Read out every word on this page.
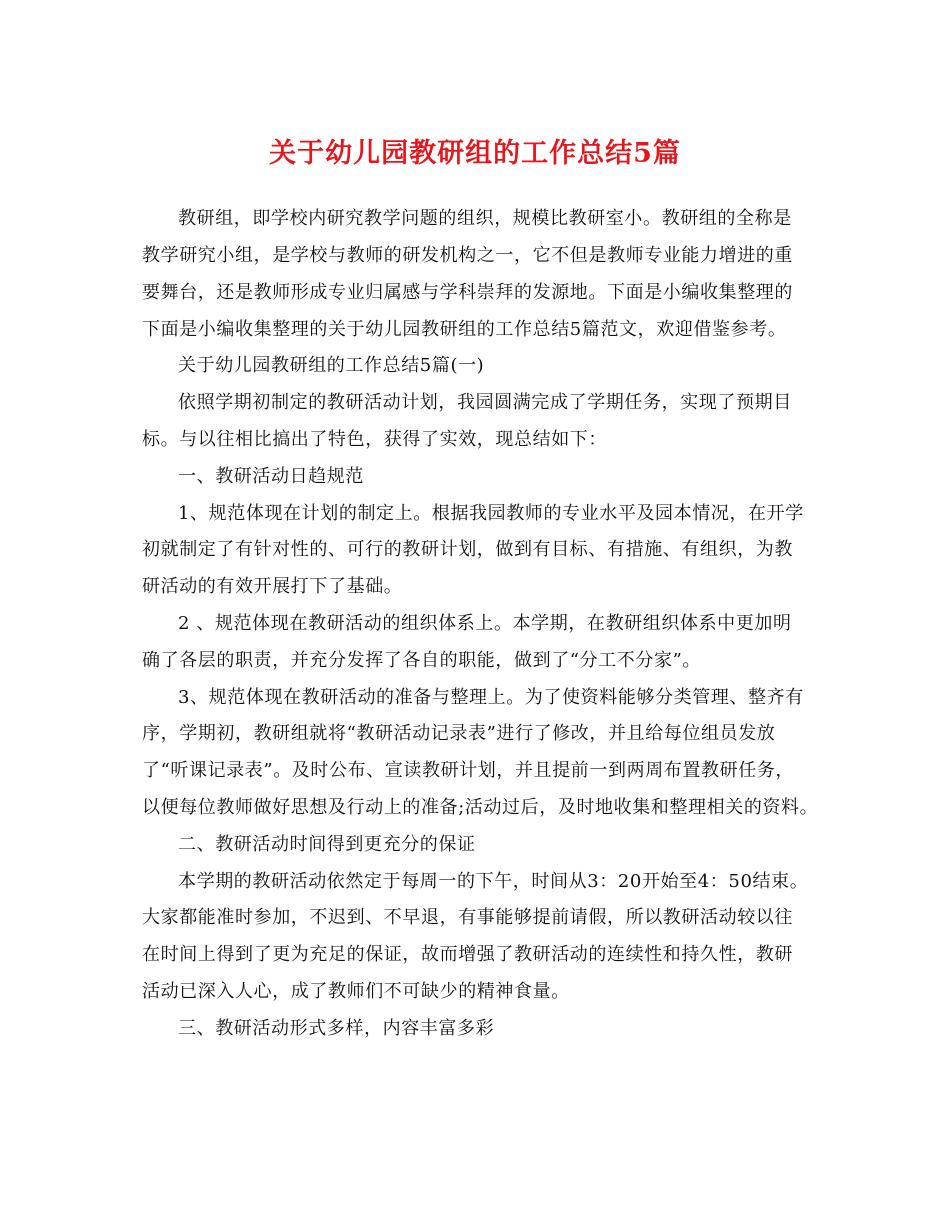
关于幼儿园教研组的工作总结5篇
教研组，即学校内研究教学问题的组织，规模比教研室小。教研组的全称是
教学研究小组，是学校与教师的研发机构之一，它不但是教师专业能力增进的重
要舞台，还是教师形成专业归属感与学科崇拜的发源地。下面是小编收集整理的
下面是小编收集整理的关于幼儿园教研组的工作总结5篇范文，欢迎借鉴参考。
关于幼儿园教研组的工作总结5篇(一)
依照学期初制定的教研活动计划，我园圆满完成了学期任务，实现了预期目
标。与以往相比搞出了特色，获得了实效，现总结如下：
一、教研活动日趋规范
1、规范体现在计划的制定上。根据我园教师的专业水平及园本情况，在开学
初就制定了有针对性的、可行的教研计划，做到有目标、有措施、有组织，为教
研活动的有效开展打下了基础。
2 、规范体现在教研活动的组织体系上。本学期，在教研组织体系中更加明
确了各层的职责，并充分发挥了各自的职能，做到了“分工不分家”。
3、规范体现在教研活动的准备与整理上。为了使资料能够分类管理、整齐有
序，学期初，教研组就将“教研活动记录表”进行了修改，并且给每位组员发放
了“听课记录表”。及时公布、宣读教研计划，并且提前一到两周布置教研任务，
以便每位教师做好思想及行动上的准备;活动过后，及时地收集和整理相关的资料。
二、教研活动时间得到更充分的保证
本学期的教研活动依然定于每周一的下午，时间从3：20开始至4：50结束。
大家都能准时参加，不迟到、不早退，有事能够提前请假，所以教研活动较以往
在时间上得到了更为充足的保证，故而增强了教研活动的连续性和持久性，教研
活动已深入人心，成了教师们不可缺少的精神食量。
三、教研活动形式多样，内容丰富多彩
